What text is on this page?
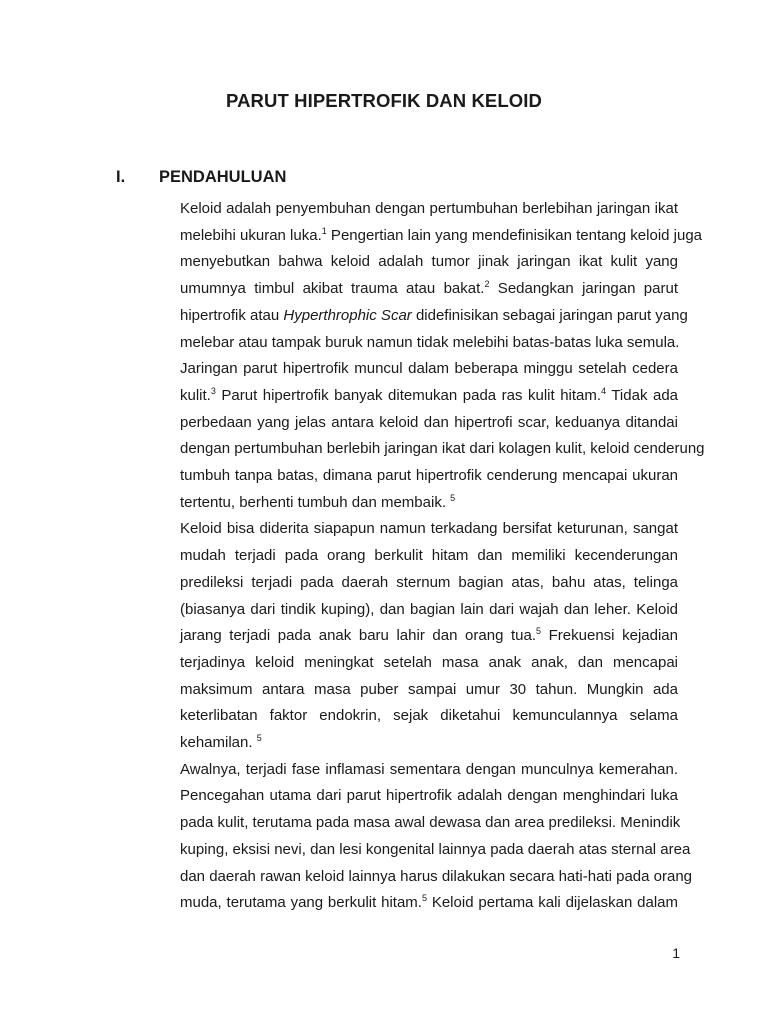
PARUT HIPERTROFIK DAN KELOID
I. PENDAHULUAN

Keloid adalah penyembuhan dengan pertumbuhan berlebihan jaringan ikat
melebihi ukuran luka.$^1$ Pengertian lain yang mendefinisikan tentang keloid juga
menyebutkan bahwa keloid adalah tumor jinak jaringan ikat kulit yang
umumnya timbul akibat trauma atau bakat.$^2$ Sedangkan jaringan parut
hipertrofik atau Hyperthrophic Scar didefinisikan sebagai jaringan parut yang
melebar atau tampak buruk namun tidak melebihi batas-batas luka semula.
Jaringan parut hipertrofik muncul dalam beberapa minggu setelah cedera
kulit.$^3$ Parut hipertrofik banyak ditemukan pada ras kulit hitam.$^4$ Tidak ada
perbedaan yang jelas antara keloid dan hipertrofi scar, keduanya ditandai
dengan pertumbuhan berlebih jaringan ikat dari kolagen kulit, keloid cenderung
tumbuh tanpa batas, dimana parut hipertrofik cenderung mencapai ukuran
tertentu, berhenti tumbuh dan membaik. $^5$

Keloid bisa diderita siapapun namun terkadang bersifat keturunan, sangat
mudah terjadi pada orang berkulit hitam dan memiliki kecenderungan
predileksi terjadi pada daerah sternum bagian atas, bahu atas, telinga
(biasanya dari tindik kuping), dan bagian lain dari wajah dan leher. Keloid
jarang terjadi pada anak baru lahir dan orang tua.$^5$ Frekuensi kejadian
terjadinya keloid meningkat setelah masa anak anak, dan mencapai
maksimum antara masa puber sampai umur 30 tahun. Mungkin ada
keterlibatan faktor endokrin, sejak diketahui kemunculannya selama
kehamilan. $^5$

Awalnya, terjadi fase inflamasi sementara dengan munculnya kemerahan.
Pencegahan utama dari parut hipertrofik adalah dengan menghindari luka
pada kulit, terutama pada masa awal dewasa dan area predileksi. Menindik
kuping, eksisi nevi, dan lesi kongenital lainnya pada daerah atas sternal area
dan daerah rawan keloid lainnya harus dilakukan secara hati-hati pada orang
muda, terutama yang berkulit hitam.$^5$ Keloid pertama kali dijelaskan dalam

1
